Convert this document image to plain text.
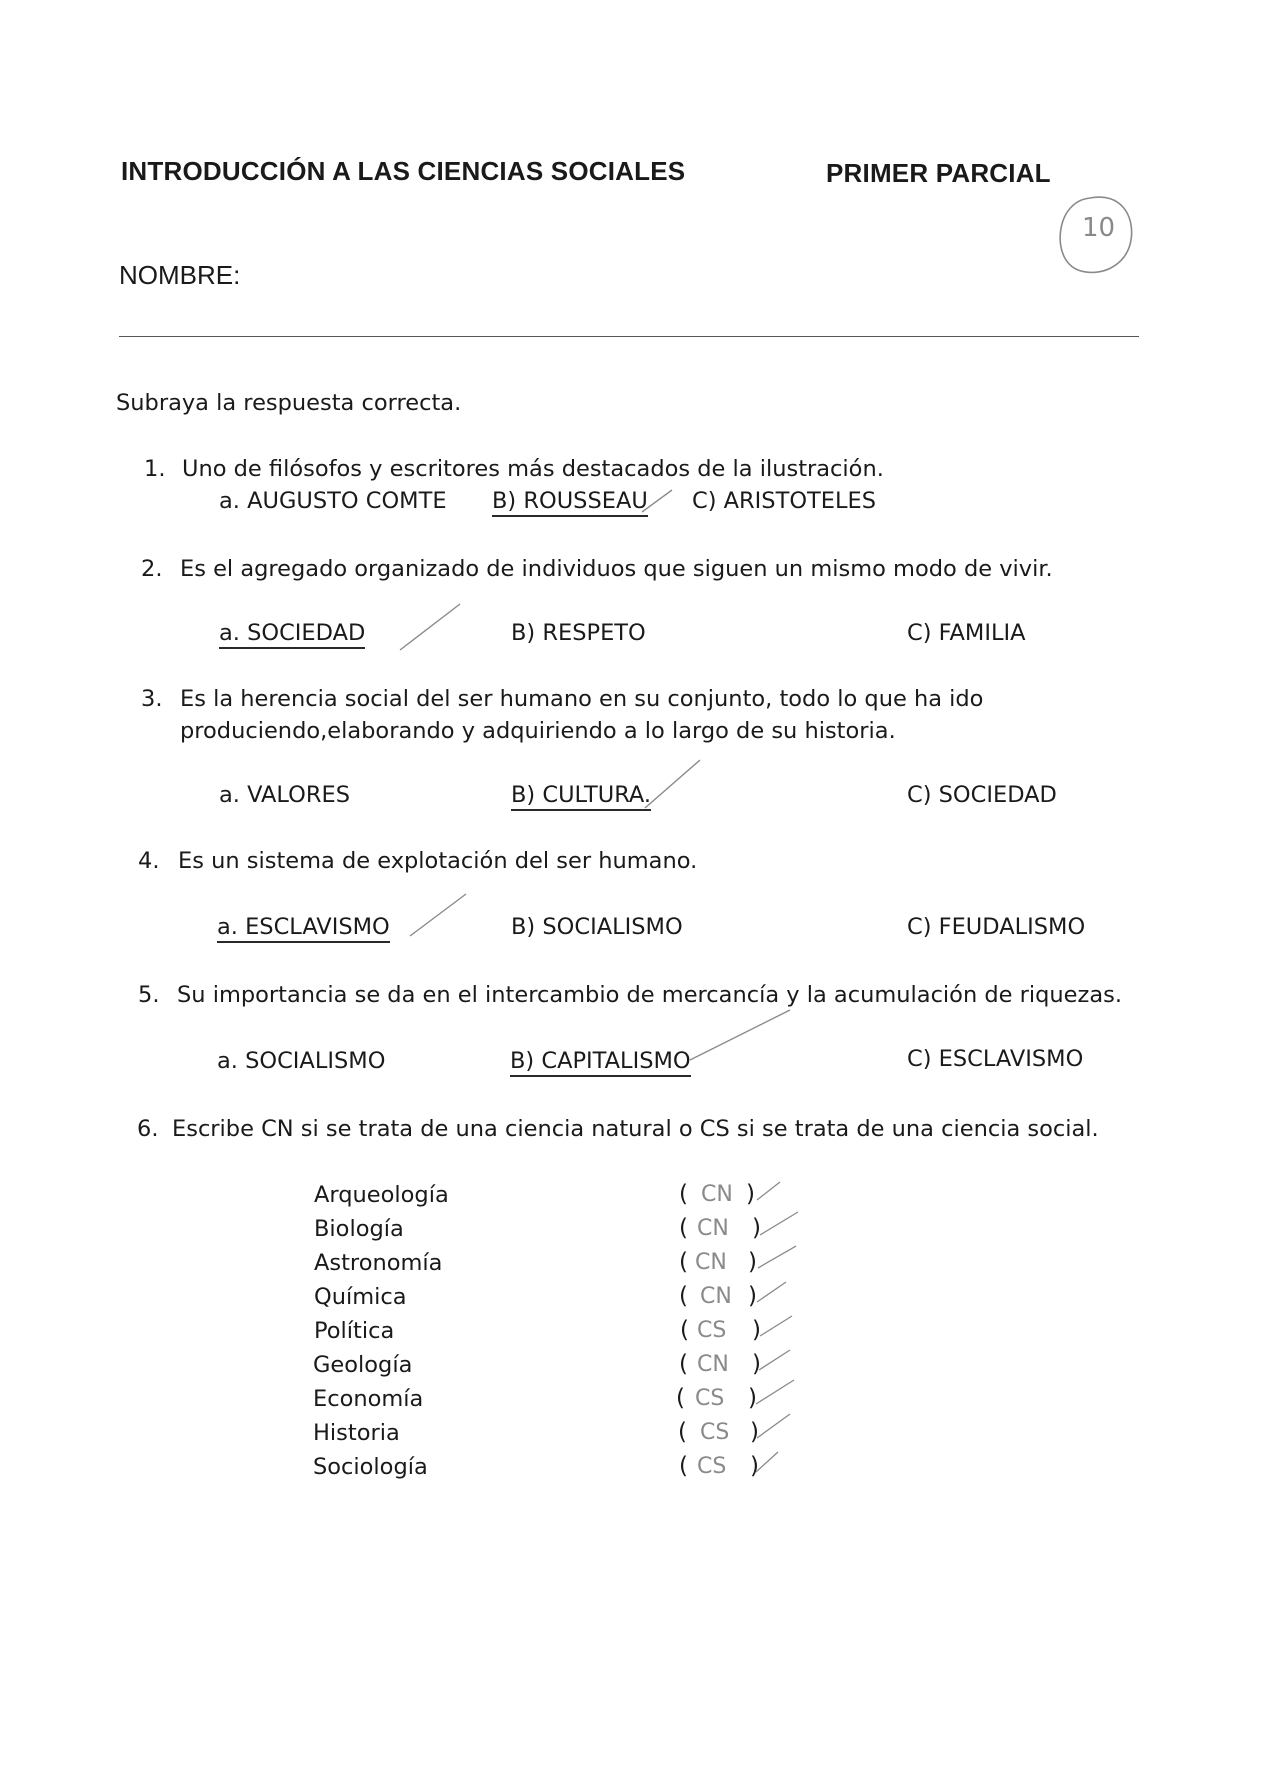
INTRODUCCIÓN A LAS CIENCIAS SOCIALES	PRIMER PARCIAL
10
NOMBRE:
Subraya la respuesta correcta.
1. Uno de filósofos y escritores más destacados de la ilustración.
a. AUGUSTO COMTE B) ROUSSEAU C) ARISTOTELES
2. Es el agregado organizado de individuos que siguen un mismo modo de vivir.
a. SOCIEDAD	B) RESPETO	C) FAMILIA
3. Es la herencia social del ser humano en su conjunto, todo lo que ha ido
produciendo,elaborando y adquiriendo a lo largo de su historia.
a. VALORES	B) CULTURA.	C) SOCIEDAD
4. Es un sistema de explotación del ser humano.
a. ESCLAVISMO	B) SOCIALISMO	C) FEUDALISMO
5. Su importancia se da en el intercambio de mercancía y la acumulación de riquezas.
a. SOCIALISMO	B) CAPITALISMO	C) ESCLAVISMO
6. Escribe CN si se trata de una ciencia natural o CS si se trata de una ciencia social.
Arqueología	( CN )
Biología	( CN )
Astronomía	( CN )
Química	( CN )
Política	( CS )
Geología	( CN )
Economía	( CS )
Historia	( CS )
Sociología	( CS )
